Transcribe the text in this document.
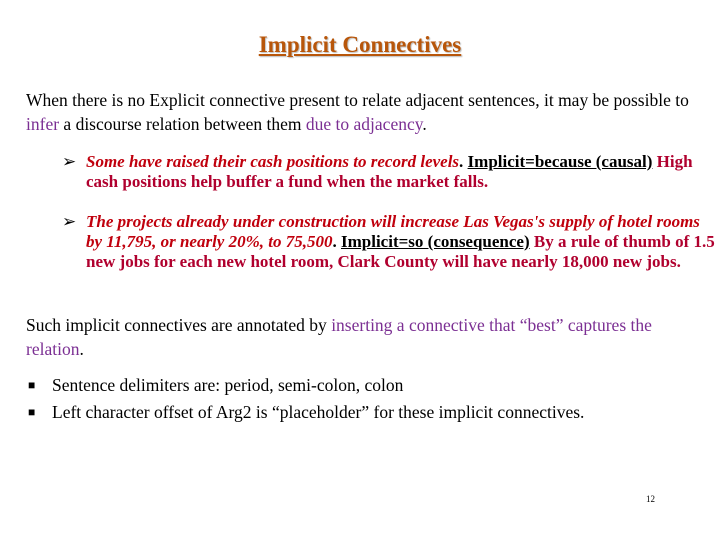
Implicit Connectives
When there is no Explicit connective present to relate adjacent sentences, it may be possible to infer a discourse relation between them due to adjacency.
➢ Some have raised their cash positions to record levels. Implicit=because (causal) High cash positions help buffer a fund when the market falls.
➢ The projects already under construction will increase Las Vegas's supply of hotel rooms by 11,795, or nearly 20%, to 75,500. Implicit=so (consequence) By a rule of thumb of 1.5 new jobs for each new hotel room, Clark County will have nearly 18,000 new jobs.
Such implicit connectives are annotated by inserting a connective that “best” captures the relation.
■ Sentence delimiters are: period, semi-colon, colon
■ Left character offset of Arg2 is “placeholder” for these implicit connectives.
12
